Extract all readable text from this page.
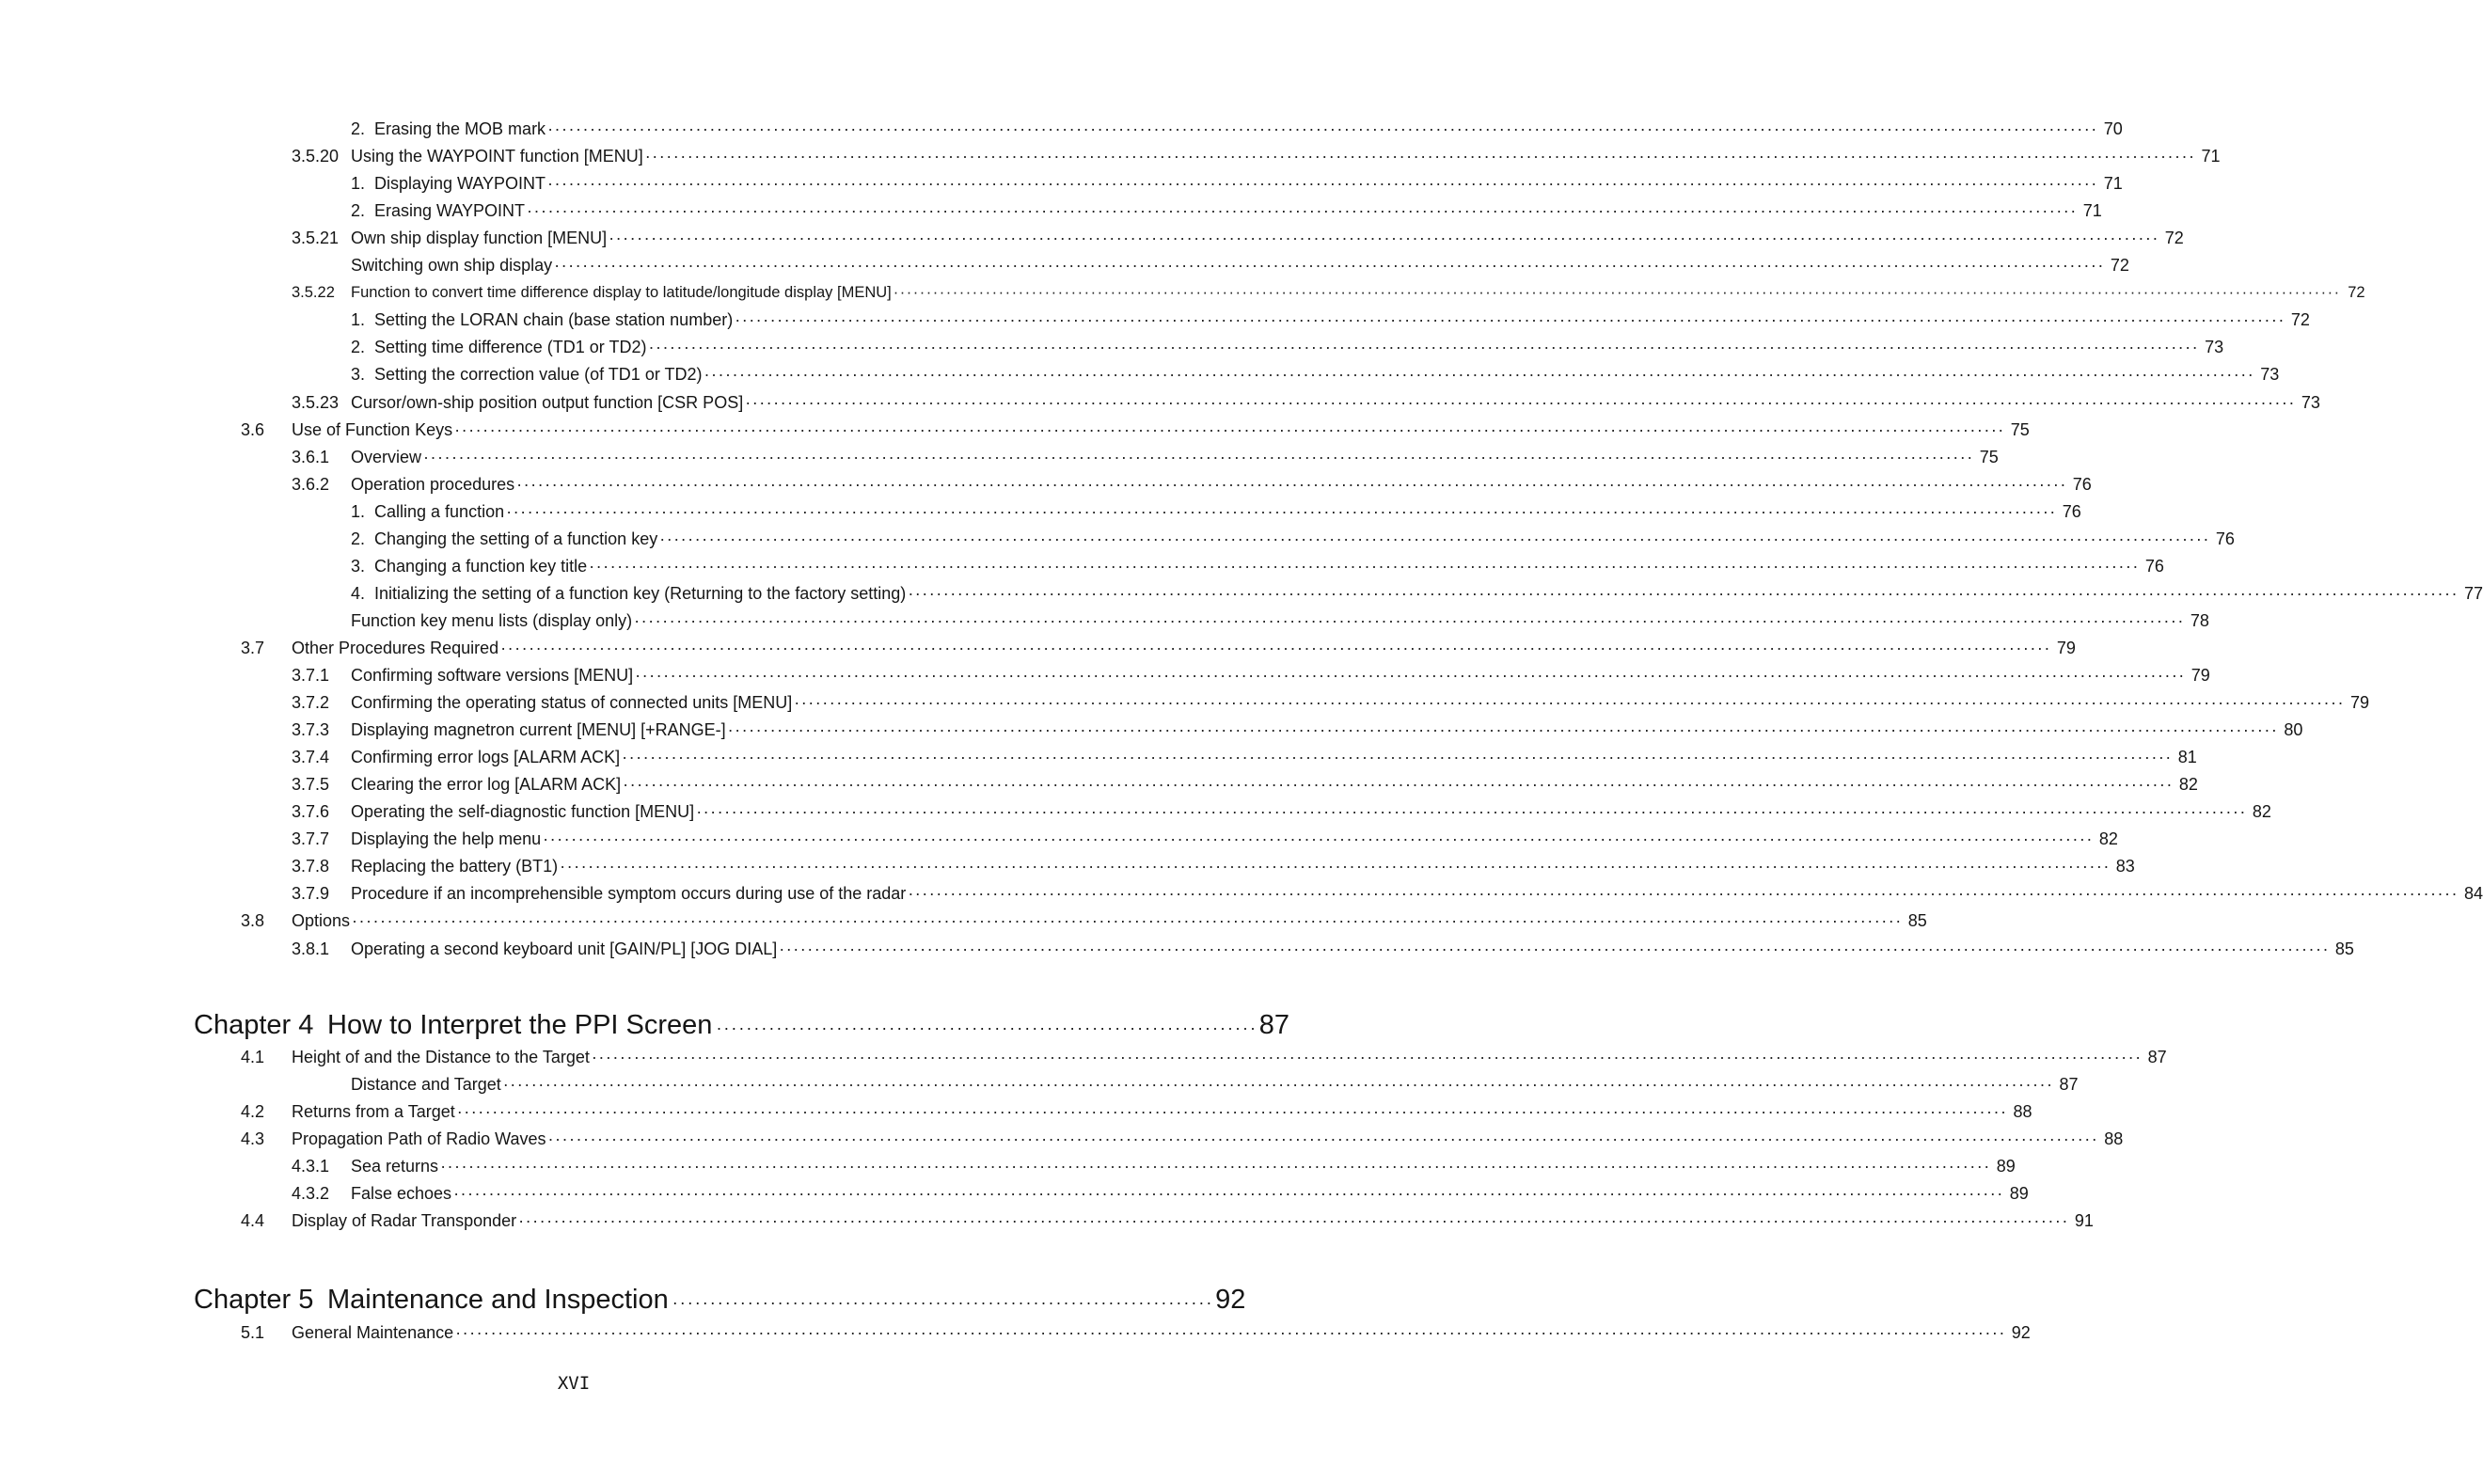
2. Erasing the MOB mark ···························································································································································································································· 70
3.5.20 Using the WAYPOINT function [MENU] ···························································································································································································································· 71
1. Displaying WAYPOINT ···························································································································································································································· 71
2. Erasing WAYPOINT ···························································································································································································································· 71
3.5.21 Own ship display function [MENU] ···························································································································································································································· 72
Switching own ship display ···························································································································································································································· 72
3.5.22 Function to convert time difference display to latitude/longitude display [MENU] ···························································································································································································································· 72
1. Setting the LORAN chain (base station number) ···························································································································································································································· 72
2. Setting time difference (TD1 or TD2) ···························································································································································································································· 73
3. Setting the correction value (of TD1 or TD2) ···························································································································································································································· 73
3.5.23 Cursor/own-ship position output function [CSR POS] ···························································································································································································································· 73
3.6 Use of Function Keys ···························································································································································································································· 75
3.6.1 Overview ···························································································································································································································· 75
3.6.2 Operation procedures ···························································································································································································································· 76
1. Calling a function ···························································································································································································································· 76
2. Changing the setting of a function key ···························································································································································································································· 76
3. Changing a function key title ···························································································································································································································· 76
4. Initializing the setting of a function key (Returning to the factory setting) ···························································································································································································································· 77
Function key menu lists (display only) ···························································································································································································································· 78
3.7 Other Procedures Required ···························································································································································································································· 79
3.7.1 Confirming software versions [MENU] ···························································································································································································································· 79
3.7.2 Confirming the operating status of connected units [MENU] ···························································································································································································································· 79
3.7.3 Displaying magnetron current [MENU] [+RANGE-] ···························································································································································································································· 80
3.7.4 Confirming error logs [ALARM ACK] ···························································································································································································································· 81
3.7.5 Clearing the error log [ALARM ACK] ···························································································································································································································· 82
3.7.6 Operating the self-diagnostic function [MENU] ···························································································································································································································· 82
3.7.7 Displaying the help menu ···························································································································································································································· 82
3.7.8 Replacing the battery (BT1) ···························································································································································································································· 83
3.7.9 Procedure if an incomprehensible symptom occurs during use of the radar ···························································································································································································································· 84
3.8 Options ···························································································································································································································· 85
3.8.1 Operating a second keyboard unit [GAIN/PL] [JOG DIAL] ···························································································································································································································· 85
Chapter 4 How to Interpret the PPI Screen ········································································ 87
4.1 Height of and the Distance to the Target ···························································································································································································································· 87
Distance and Target ···························································································································································································································· 87
4.2 Returns from a Target ···························································································································································································································· 88
4.3 Propagation Path of Radio Waves ···························································································································································································································· 88
4.3.1 Sea returns ···························································································································································································································· 89
4.3.2 False echoes ···························································································································································································································· 89
4.4 Display of Radar Transponder ···························································································································································································································· 91
Chapter 5 Maintenance and Inspection ········································································ 92
5.1 General Maintenance ···························································································································································································································· 92
XVI
